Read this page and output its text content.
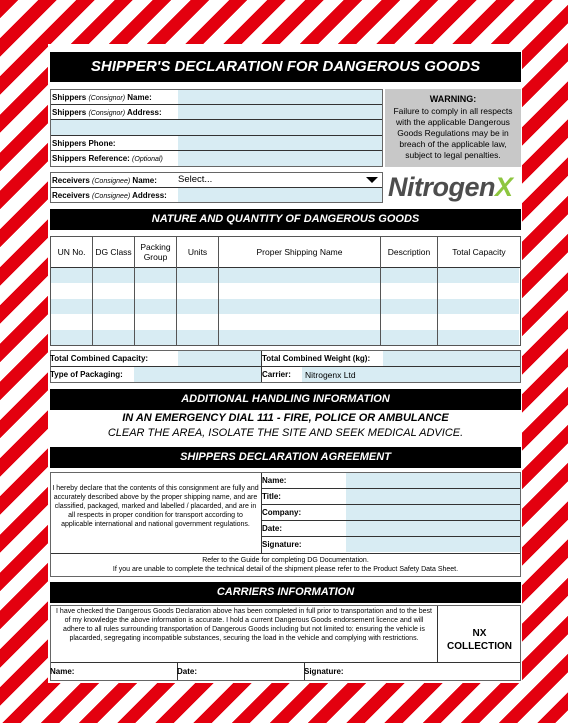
SHIPPER'S DECLARATION FOR DANGEROUS GOODS
Shippers (Consignor) Name:
Shippers (Consignor) Address:
Shippers Phone:
Shippers Reference: (Optional)
WARNING:
Failure to comply in all respects with the applicable Dangerous Goods Regulations may be in breach of the applicable law, subject to legal penalties.
Select...
Receivers (Consignee) Name:
Receivers (Consignee) Address:	NitrogenX
NATURE AND QUANTITY OF DANGEROUS GOODS
UN No.	DG Class	Packing Group	Units	Proper Shipping Name	Description	Total Capacity
Total Combined Capacity:	Total Combined Weight (kg):
Type of Packaging:	Carrier: Nitrogenx Ltd
ADDITIONAL HANDLING INFORMATION
IN AN EMERGENCY DIAL 111 - FIRE, POLICE OR AMBULANCE
CLEAR THE AREA, ISOLATE THE SITE AND SEEK MEDICAL ADVICE.
SHIPPERS DECLARATION AGREEMENT
I hereby declare that the contents of this consignment are fully and accurately described above by the proper shipping name, and are classified, packaged, marked and labelled / placarded, and are in all respects in proper condition for transport according to applicable international and national government regulations.
Name:
Title:
Company:
Date:
Signature:
Refer to the Guide for completing DG Documentation.
If you are unable to complete the technical detail of the shipment please refer to the Product Safety Data Sheet.
CARRIERS INFORMATION
I have checked the Dangerous Goods Declaration above has been completed in full prior to transportation and to the best of my knowledge the above information is accurate. I hold a current Dangerous Goods endorsement licence and will adhere to all rules surrounding transportation of Dangerous Goods including but not limited to: ensuring the vehicle is placarded, segregating incompatible substances, securing the load in the vehicle and complying with restrictions.	NX COLLECTION
Name:	Date:	Signature:
